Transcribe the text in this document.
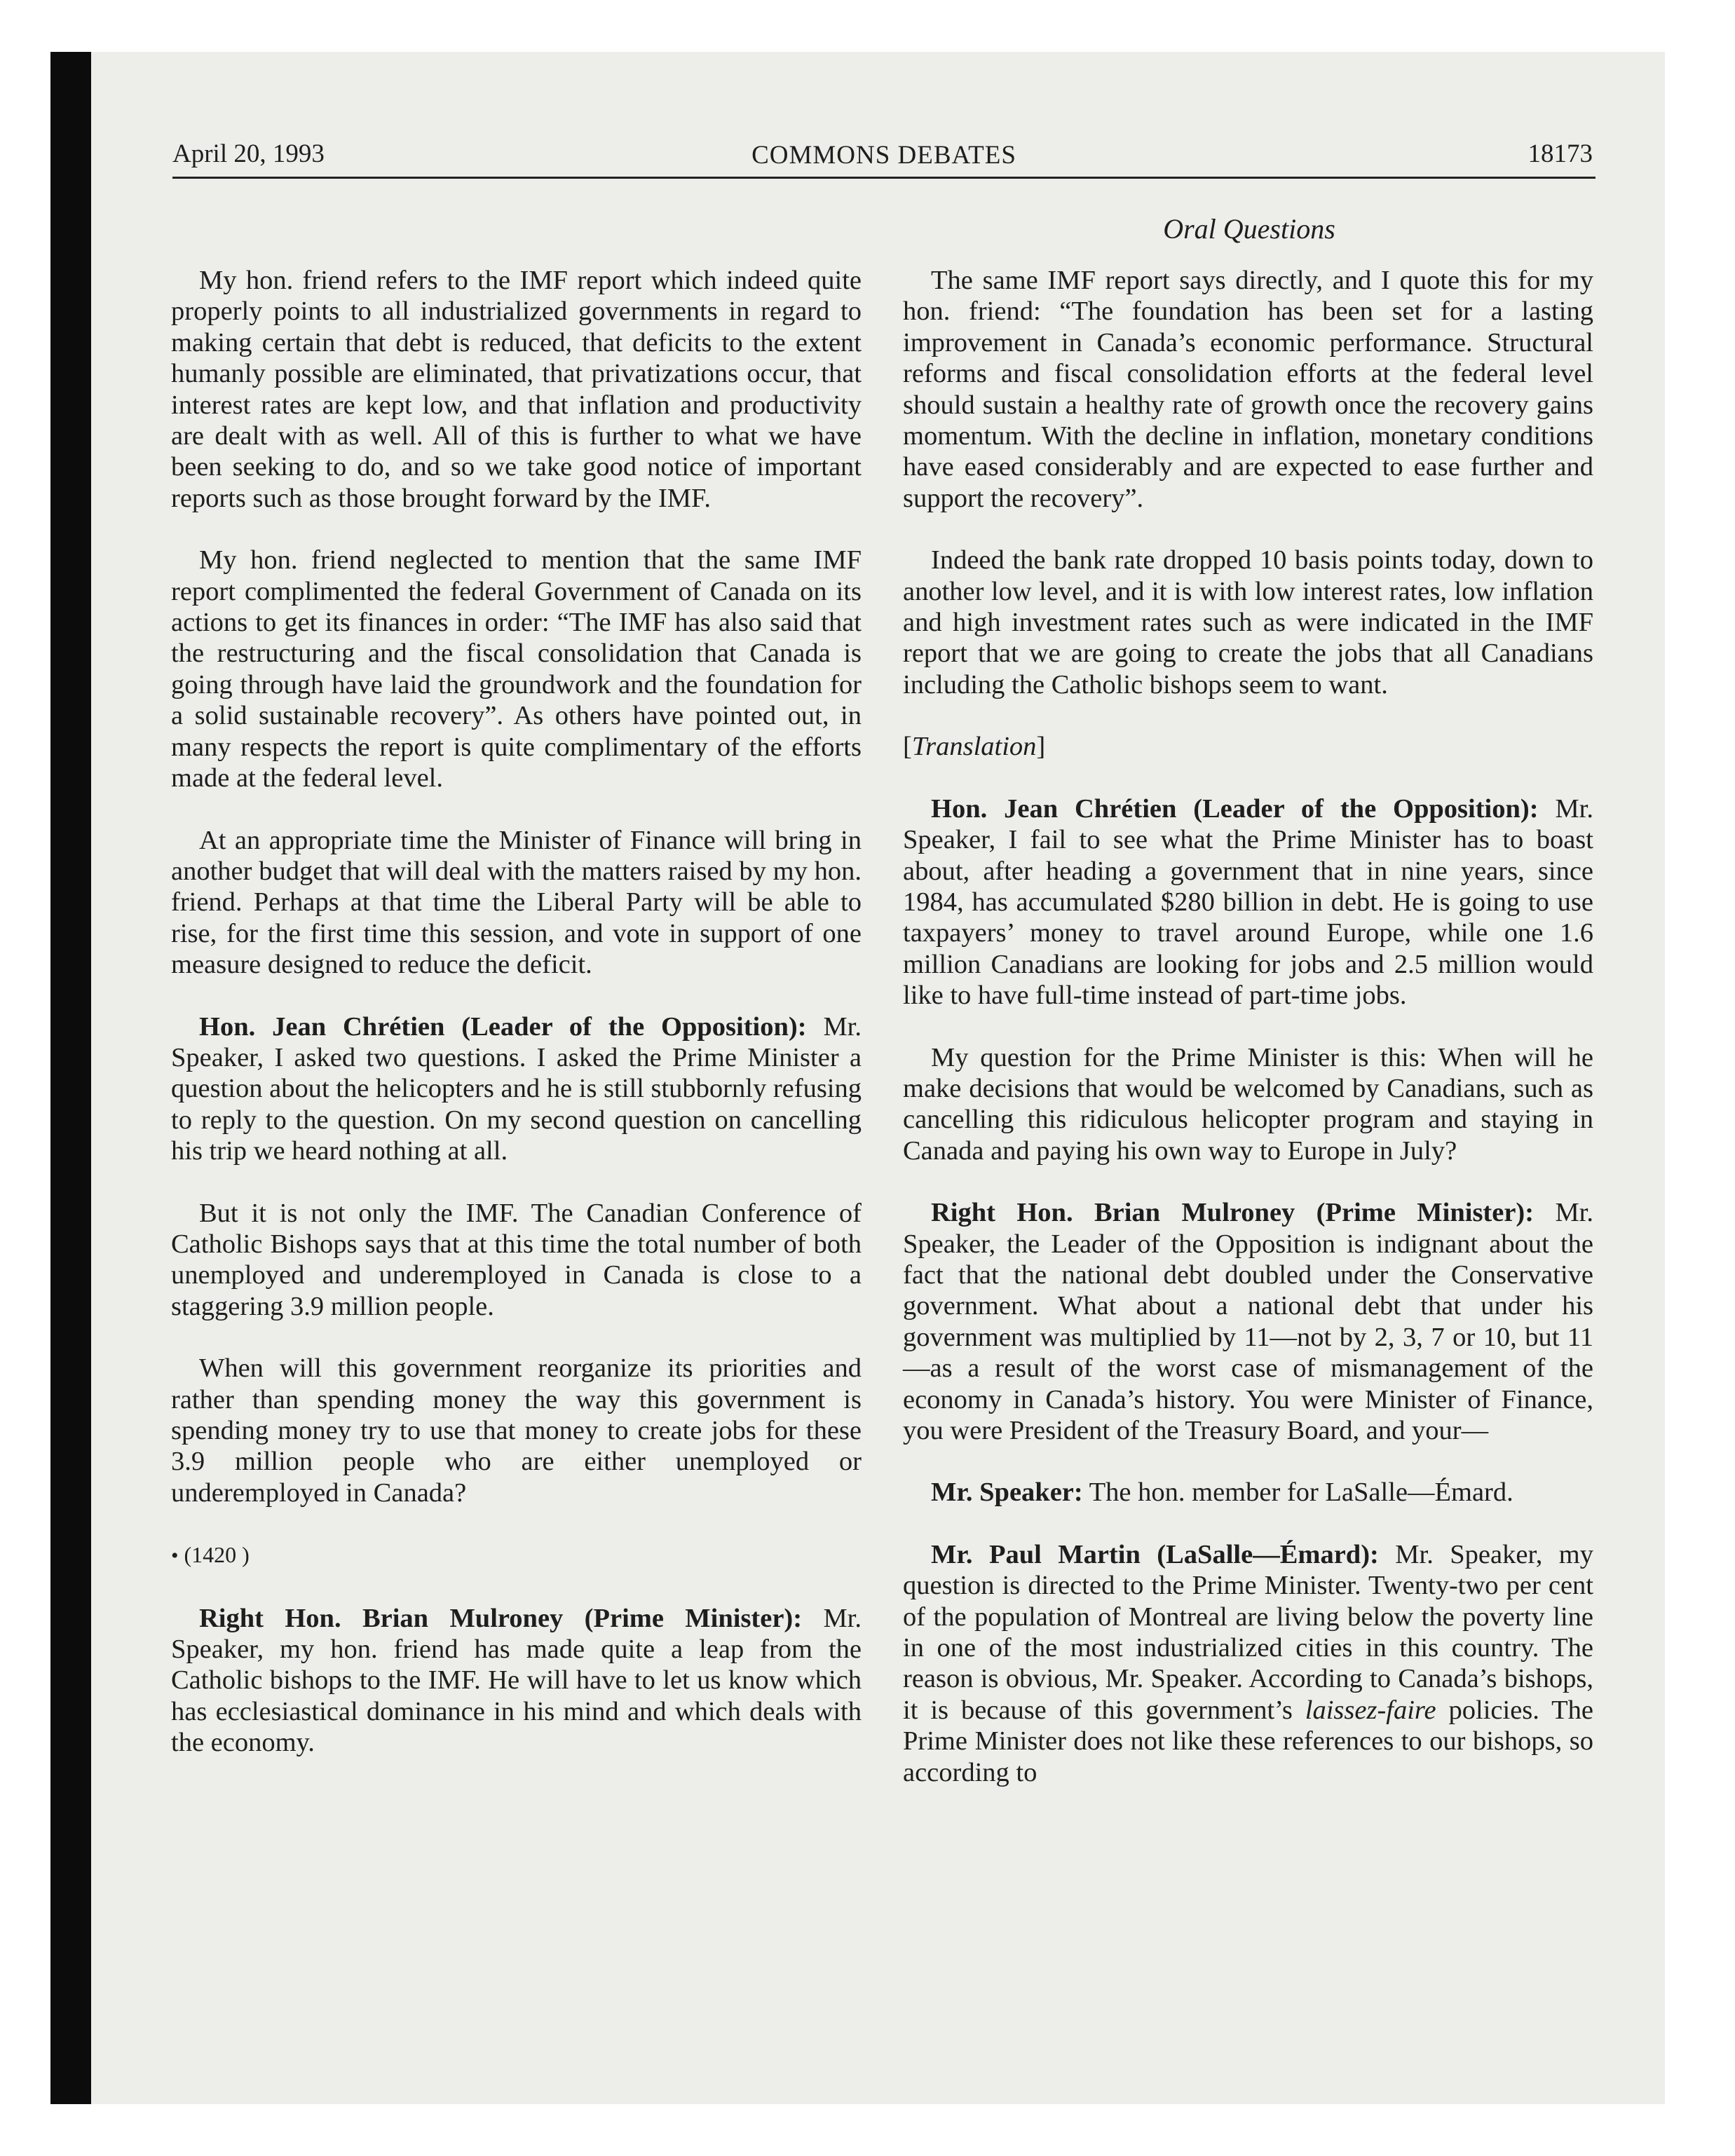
April 20, 1993	COMMONS DEBATES	18173
Oral Questions

My hon. friend refers to the IMF report which indeed quite properly points to all industrialized governments in regard to making certain that debt is reduced, that deficits to the extent humanly possible are eliminated, that privatizations occur, that interest rates are kept low, and that inflation and productivity are dealt with as well. All of this is further to what we have been seeking to do, and so we take good notice of important reports such as those brought forward by the IMF.

My hon. friend neglected to mention that the same IMF report complimented the federal Government of Canada on its actions to get its finances in order: “The IMF has also said that the restructuring and the fiscal consolidation that Canada is going through have laid the groundwork and the foundation for a solid sustainable recovery”. As others have pointed out, in many respects the report is quite complimentary of the efforts made at the federal level.

At an appropriate time the Minister of Finance will bring in another budget that will deal with the matters raised by my hon. friend. Perhaps at that time the Liberal Party will be able to rise, for the first time this session, and vote in support of one measure designed to reduce the deficit.

Hon. Jean Chrétien (Leader of the Opposition): Mr. Speaker, I asked two questions. I asked the Prime Minister a question about the helicopters and he is still stubbornly refusing to reply to the question. On my second question on cancelling his trip we heard nothing at all.

But it is not only the IMF. The Canadian Conference of Catholic Bishops says that at this time the total number of both unemployed and underemployed in Canada is close to a staggering 3.9 million people.

When will this government reorganize its priorities and rather than spending money the way this government is spending money try to use that money to create jobs for these 3.9 million people who are either unemployed or underemployed in Canada?

• (1420 )

Right Hon. Brian Mulroney (Prime Minister): Mr. Speaker, my hon. friend has made quite a leap from the Catholic bishops to the IMF. He will have to let us know which has ecclesiastical dominance in his mind and which deals with the economy.

The same IMF report says directly, and I quote this for my hon. friend: “The foundation has been set for a lasting improvement in Canada’s economic performance. Structural reforms and fiscal consolidation efforts at the federal level should sustain a healthy rate of growth once the recovery gains momentum. With the decline in inflation, monetary conditions have eased considerably and are expected to ease further and support the recovery”.

Indeed the bank rate dropped 10 basis points today, down to another low level, and it is with low interest rates, low inflation and high investment rates such as were indicated in the IMF report that we are going to create the jobs that all Canadians including the Catholic bishops seem to want.

[Translation]

Hon. Jean Chrétien (Leader of the Opposition): Mr. Speaker, I fail to see what the Prime Minister has to boast about, after heading a government that in nine years, since 1984, has accumulated $280 billion in debt. He is going to use taxpayers’ money to travel around Europe, while one 1.6 million Canadians are looking for jobs and 2.5 million would like to have full-time instead of part-time jobs.

My question for the Prime Minister is this: When will he make decisions that would be welcomed by Canadians, such as cancelling this ridiculous helicopter program and staying in Canada and paying his own way to Europe in July?

Right Hon. Brian Mulroney (Prime Minister): Mr. Speaker, the Leader of the Opposition is indignant about the fact that the national debt doubled under the Conservative government. What about a national debt that under his government was multiplied by 11—not by 2, 3, 7 or 10, but 11—as a result of the worst case of mismanagement of the economy in Canada’s history. You were Minister of Finance, you were President of the Treasury Board, and your—

Mr. Speaker: The hon. member for LaSalle—Émard.

Mr. Paul Martin (LaSalle—Émard): Mr. Speaker, my question is directed to the Prime Minister. Twenty-two per cent of the population of Montreal are living below the poverty line in one of the most industrialized cities in this country. The reason is obvious, Mr. Speaker. According to Canada’s bishops, it is because of this government’s laissez-faire policies. The Prime Minister does not like these references to our bishops, so according to
